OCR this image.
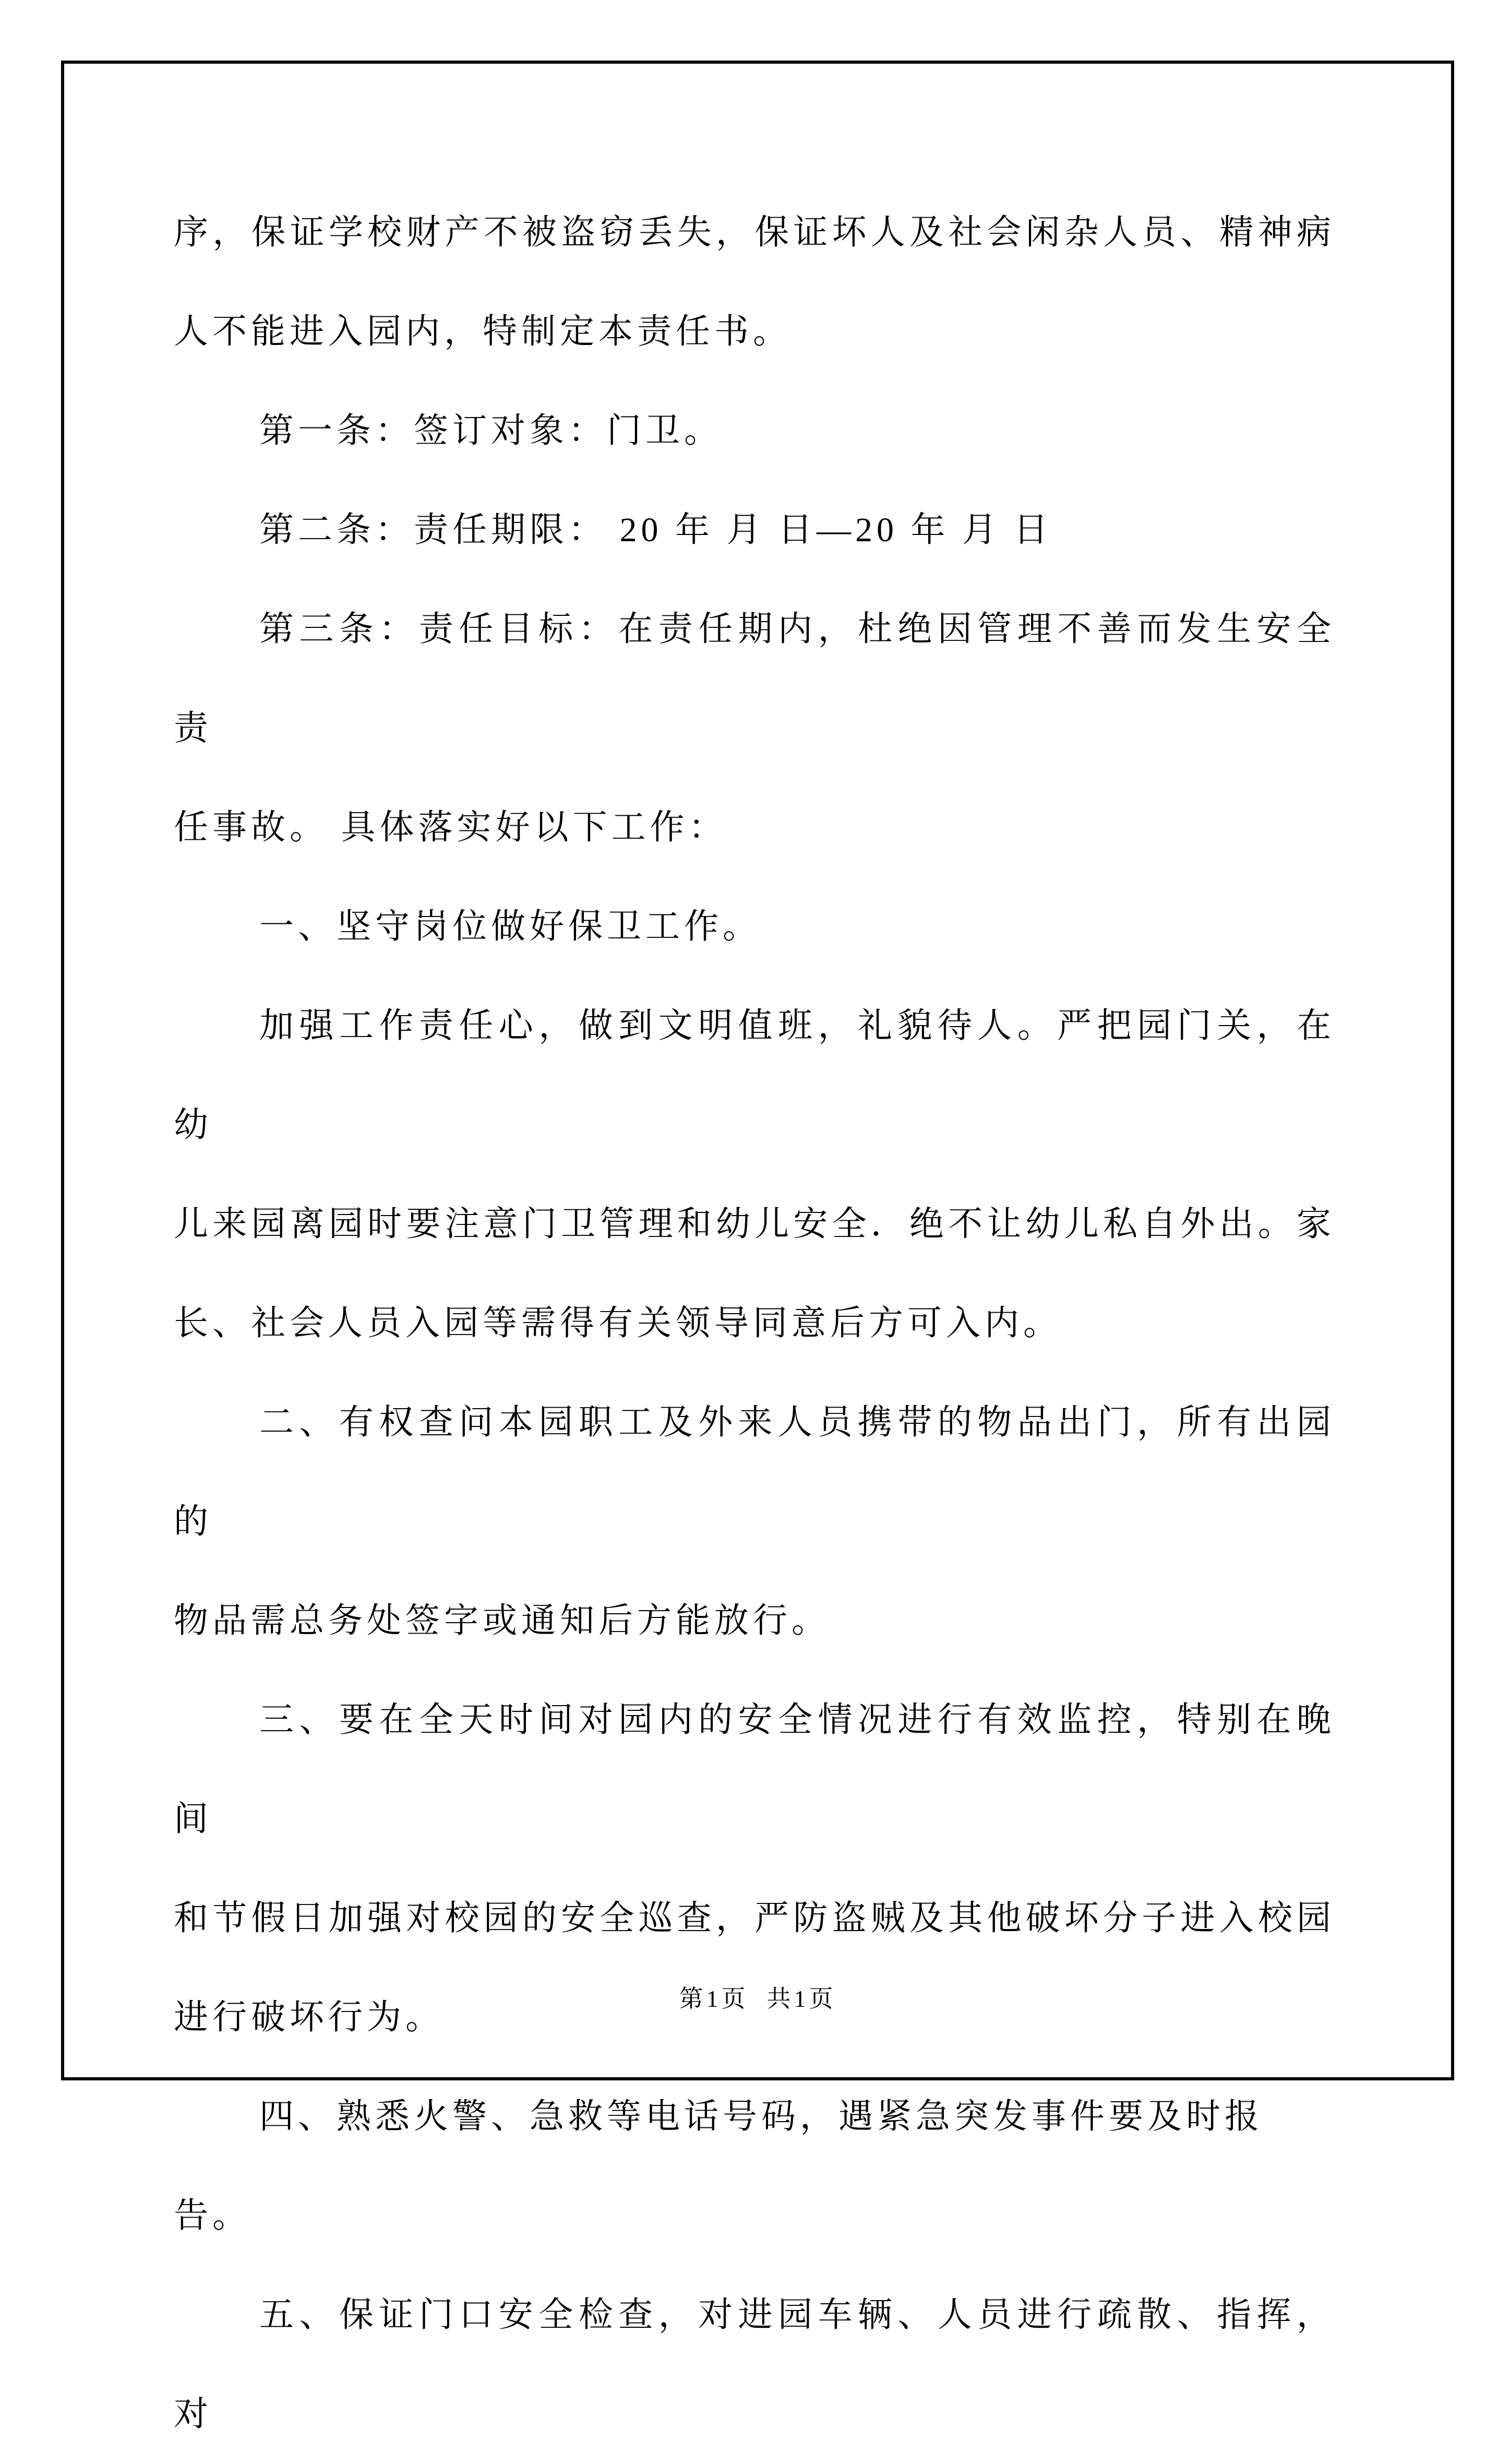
序，保证学校财产不被盗窃丢失，保证坏人及社会闲杂人员、精神病
人不能进入园内，特制定本责任书。
第一条：签订对象：门卫。
第二条：责任期限： 20 年 月 日—20 年 月 日
第三条：责任目标：在责任期内，杜绝因管理不善而发生安全责
任事故。 具体落实好以下工作：
一、坚守岗位做好保卫工作。
加强工作责任心，做到文明值班，礼貌待人。严把园门关，在幼
儿来园离园时要注意门卫管理和幼儿安全．绝不让幼儿私自外出。家
长、社会人员入园等需得有关领导同意后方可入内。
二、有权查问本园职工及外来人员携带的物品出门，所有出园的
物品需总务处签字或通知后方能放行。
三、要在全天时间对园内的安全情况进行有效监控，特别在晚间
和节假日加强对校园的安全巡查，严防盗贼及其他破坏分子进入校园
进行破坏行为。
四、熟悉火警、急救等电话号码，遇紧急突发事件要及时报告。
五、保证门口安全检查，对进园车辆、人员进行疏散、指挥，对
第1页  共1页
